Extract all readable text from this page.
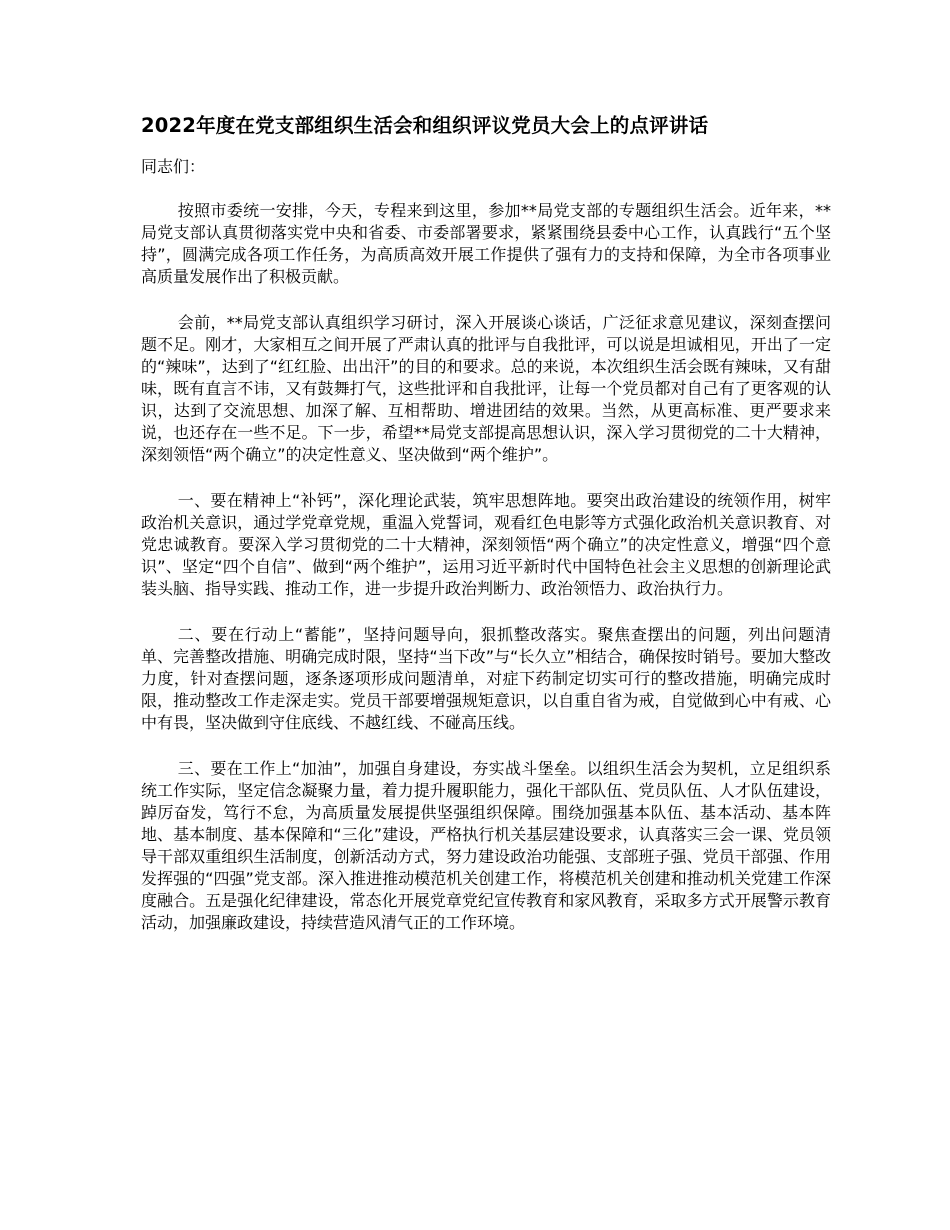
2022年度在党支部组织生活会和组织评议党员大会上的点评讲话

同志们：

按照市委统一安排，今天，专程来到这里，参加**局党支部的专题组织生活会。近年来，**局党支部认真贯彻落实党中央和省委、市委部署要求，紧紧围绕县委中心工作，认真践行“五个坚持”，圆满完成各项工作任务，为高质高效开展工作提供了强有力的支持和保障，为全市各项事业高质量发展作出了积极贡献。

会前，**局党支部认真组织学习研讨，深入开展谈心谈话，广泛征求意见建议，深刻查摆问题不足。刚才，大家相互之间开展了严肃认真的批评与自我批评，可以说是坦诚相见，开出了一定的“辣味”，达到了“红红脸、出出汗”的目的和要求。总的来说，本次组织生活会既有辣味，又有甜味，既有直言不讳，又有鼓舞打气，这些批评和自我批评，让每一个党员都对自己有了更客观的认识，达到了交流思想、加深了解、互相帮助、增进团结的效果。当然，从更高标准、更严要求来说，也还存在一些不足。下一步，希望**局党支部提高思想认识，深入学习贯彻党的二十大精神，深刻领悟“两个确立”的决定性意义、坚决做到“两个维护”。

一、要在精神上“补钙”，深化理论武装，筑牢思想阵地。要突出政治建设的统领作用，树牢政治机关意识，通过学党章党规，重温入党誓词，观看红色电影等方式强化政治机关意识教育、对党忠诚教育。要深入学习贯彻党的二十大精神，深刻领悟“两个确立”的决定性意义，增强“四个意识”、坚定“四个自信”、做到“两个维护”，运用习近平新时代中国特色社会主义思想的创新理论武装头脑、指导实践、推动工作，进一步提升政治判断力、政治领悟力、政治执行力。

二、要在行动上“蓄能”，坚持问题导向，狠抓整改落实。聚焦查摆出的问题，列出问题清单、完善整改措施、明确完成时限，坚持“当下改”与“长久立”相结合，确保按时销号。要加大整改力度，针对查摆问题，逐条逐项形成问题清单，对症下药制定切实可行的整改措施，明确完成时限，推动整改工作走深走实。党员干部要增强规矩意识，以自重自省为戒，自觉做到心中有戒、心中有畏，坚决做到守住底线、不越红线、不碰高压线。

三、要在工作上“加油”，加强自身建设，夯实战斗堡垒。以组织生活会为契机，立足组织系统工作实际，坚定信念凝聚力量，着力提升履职能力，强化干部队伍、党员队伍、人才队伍建设，踔厉奋发，笃行不怠，为高质量发展提供坚强组织保障。围绕加强基本队伍、基本活动、基本阵地、基本制度、基本保障和“三化”建设，严格执行机关基层建设要求，认真落实三会一课、党员领导干部双重组织生活制度，创新活动方式，努力建设政治功能强、支部班子强、党员干部强、作用发挥强的“四强”党支部。深入推进推动模范机关创建工作，将模范机关创建和推动机关党建工作深度融合。五是强化纪律建设，常态化开展党章党纪宣传教育和家风教育，采取多方式开展警示教育活动，加强廉政建设，持续营造风清气正的工作环境。
